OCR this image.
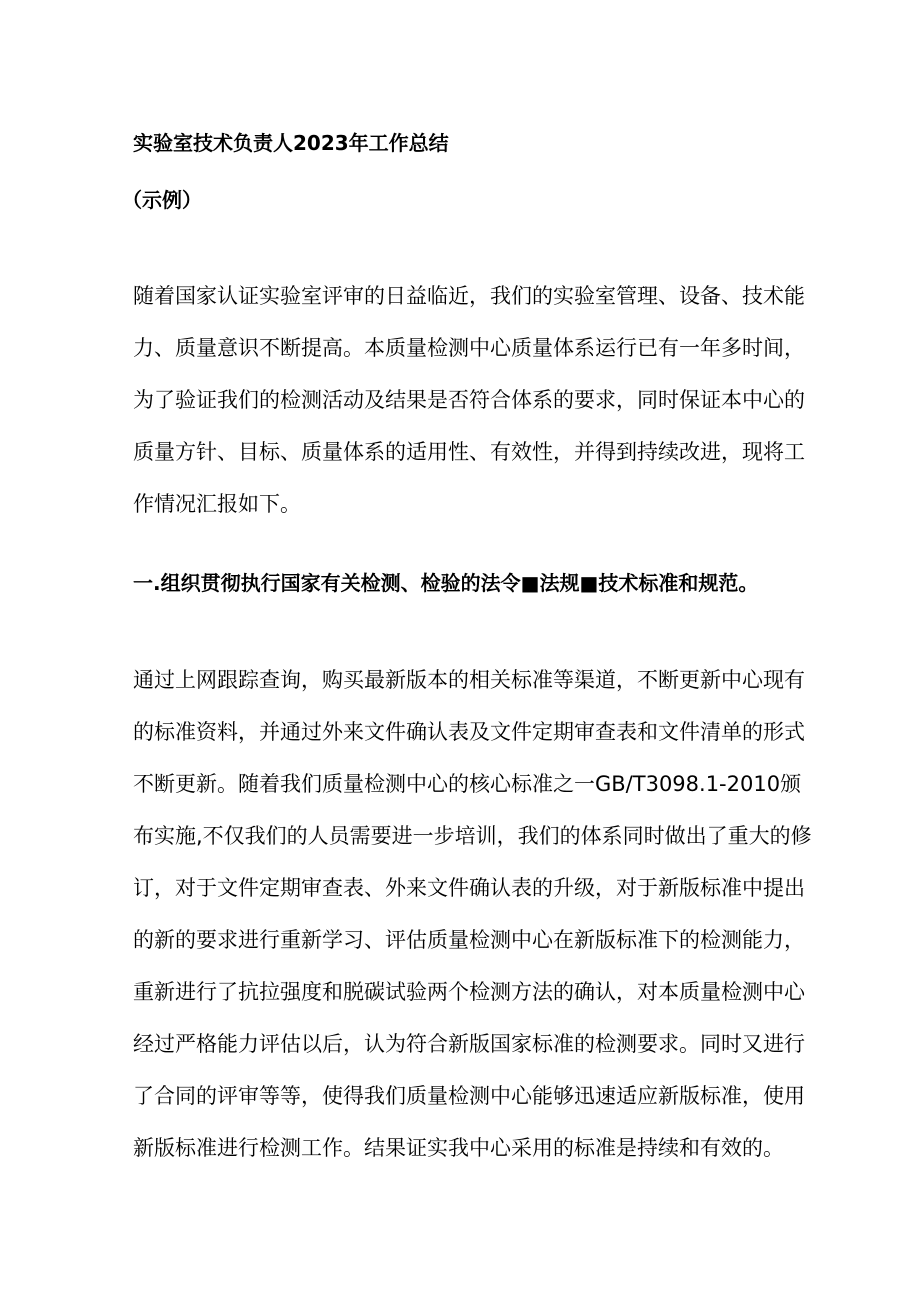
实验室技术负责人2023年工作总结
（示例）
随着国家认证实验室评审的日益临近，我们的实验室管理、设备、技术能
力、质量意识不断提高。本质量检测中心质量体系运行已有一年多时间，
为了验证我们的检测活动及结果是否符合体系的要求，同时保证本中心的
质量方针、目标、质量体系的适用性、有效性，并得到持续改进，现将工
作情况汇报如下。
一.组织贯彻执行国家有关检测、检验的法令■法规■技术标准和规范。
通过上网跟踪查询，购买最新版本的相关标准等渠道，不断更新中心现有
的标准资料，并通过外来文件确认表及文件定期审查表和文件清单的形式
不断更新。随着我们质量检测中心的核心标准之一GB/T3098.1-2010颁
布实施,不仅我们的人员需要进一步培训，我们的体系同时做出了重大的修
订，对于文件定期审查表、外来文件确认表的升级，对于新版标准中提出
的新的要求进行重新学习、评估质量检测中心在新版标准下的检测能力，
重新进行了抗拉强度和脱碳试验两个检测方法的确认，对本质量检测中心
经过严格能力评估以后，认为符合新版国家标准的检测要求。同时又进行
了合同的评审等等，使得我们质量检测中心能够迅速适应新版标准，使用
新版标准进行检测工作。结果证实我中心采用的标准是持续和有效的。
